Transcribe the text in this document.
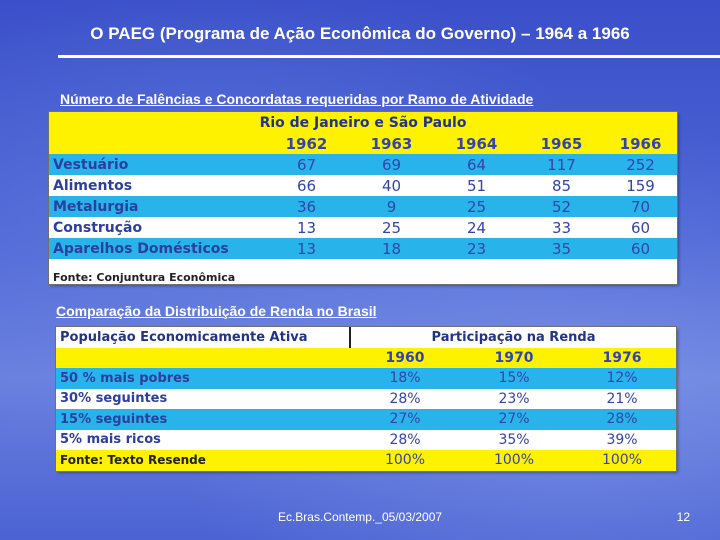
O PAEG (Programa de Ação Econômica do Governo) – 1964 a 1966
Número de Falências e Concordatas requeridas por Ramo de Atividade
Rio de Janeiro e São Paulo					
	1962	1963	1964	1965	1966
Vestuário	67	69	64	117	252
Alimentos	66	40	51	85	159
Metalurgia	36	9	25	52	70
Construção	13	25	24	33	60
Aparelhos Domésticos	13	18	23	35	60
Fonte: Conjuntura Econômica					
Comparação da Distribuição de Renda no Brasil
População Economicamente Ativa	Participação na Renda		
	1960	1970	1976
50 % mais pobres	18%	15%	12%
30% seguintes	28%	23%	21%
15% seguintes	27%	27%	28%
5% mais ricos	28%	35%	39%
Fonte: Texto Resende	100%	100%	100%
Ec.Bras.Contemp._05/03/2007	12
